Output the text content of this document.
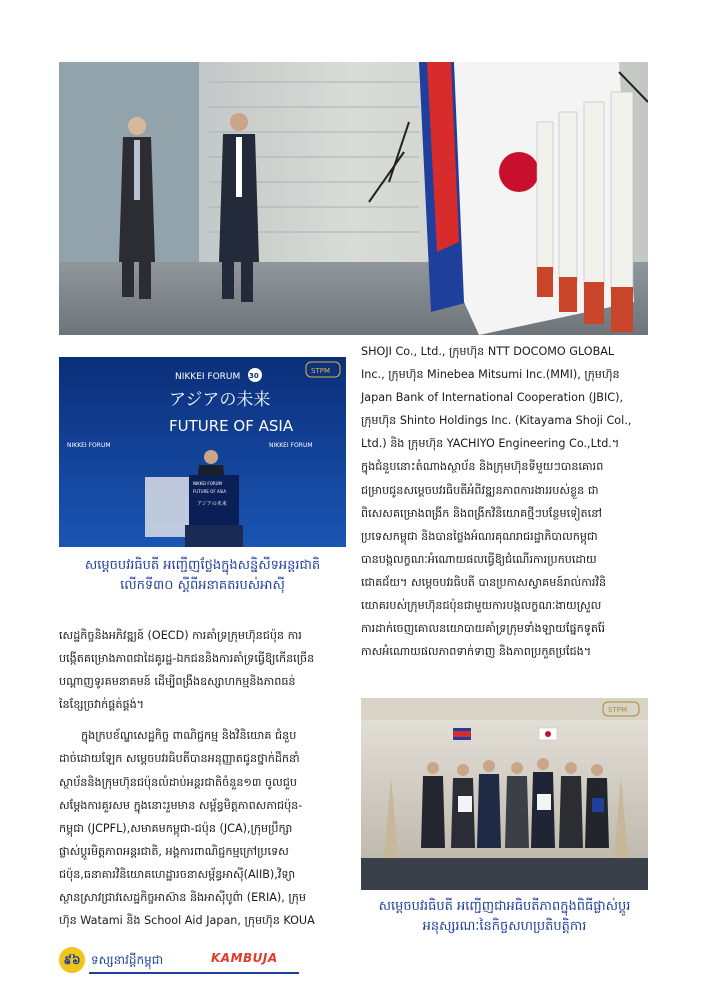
NIKKEI FORUM 30
アジアの未来
FUTURE OF ASIA
STPM
NIKKEI FORUM	NIKKEI FORUM
NIKKEI FORUM
FUTURE OF ASIA
アジアの未来
សម្ដេចបវរធិបតី អញ្ជើញថ្លែងក្នុងសន្និសីទអន្តរជាតិ
លើកទី៣០ ស្ដីពីអនាគតរបស់អាស៊ី

សេដ្ឋកិច្ចនិងអភិវឌ្ឍន៍ (OECD) ការគាំទ្រក្រុមហ៊ុនជប៉ុន ការ
បង្កើតគម្រោងភាពជាដៃគូរដ្ឋ-ឯកជននិងការគាំទ្រធ្វើឱ្យកើនច្រើន
បណ្ដាញទូរគមនាគមន៍ ដើម្បីពង្រឹងឧស្សាហកម្មនិងភាពធន់
នៃខ្សែច្រវាក់ផ្គត់ផ្គង់។

ក្នុងក្របខ័ណ្ឌសេដ្ឋកិច្ច ពាណិជ្ជកម្ម និងវិនិយោគ ជំនួប
ដាច់ដោយឡែក សម្ដេចបវរធិបតីបានអនុញ្ញាតជូនថ្នាក់ដឹកនាំ
ស្ថាប័ននិងក្រុមហ៊ុនជប៉ុនលំដាប់អន្តរជាតិចំនួន១៣ ចូលជួប
សម្ដែងការគួរសម ក្នុងនោះរួមមាន សម្ព័ន្ធមិត្តភាពសភាជប៉ុន-
កម្ពុជា (JCPFL),សមាគមកម្ពុជា-ជប៉ុន (JCA),ក្រុមប្រឹក្សា
ផ្លាស់ប្ដូរមិត្តភាពអន្តរជាតិ, អង្គការពាណិជ្ជកម្មក្រៅប្រទេស
ជប៉ុន,ធនាគារវិនិយោគហេដ្ឋារចនាសម្ព័ន្ធអាស៊ី(AIIB),វិទ្យា
ស្ថានស្រាវជ្រាវសេដ្ឋកិច្ចអាស៊ាន និងអាស៊ីបូព៌ា (ERIA), ក្រុម
ហ៊ុន Watami និង School Aid Japan, ក្រុមហ៊ុន KOUA

SHOJI Co., Ltd., ក្រុមហ៊ុន NTT DOCOMO GLOBAL
Inc., ក្រុមហ៊ុន Minebea Mitsumi Inc.(MMI), ក្រុមហ៊ុន
Japan Bank of International Cooperation (JBIC),
ក្រុមហ៊ុន Shinto Holdings Inc. (Kitayama Shoji Col.,
Ltd.) និង ក្រុមហ៊ុន YACHIYO Engineering Co.,Ltd.។
ក្នុងជំនួបនោះតំណាងស្ថាប័ន និងក្រុមហ៊ុនទីមួយៗបានគោរព
ជម្រាបជូនសម្ដេចបវរធិបតីអំពីវឌ្ឍនភាពការងាររបស់ខ្លួន ជា
ពិសេសគម្រោងពង្រីក និងពង្រីកវិនិយោគថ្មីៗបន្ថែមទៀតនៅ
ប្រទេសកម្ពុជា និងបានថ្លៃងអំណរគុណរាជរដ្ឋាភិបាលកម្ពុជា
បានបង្កលក្ខណៈអំណោយផលធ្វើឱ្យជំណើរការប្រកបដោយ
ជោគជ័យ។ សម្ដេចបវរធិបតី បានប្រកាសស្វាគមន៍រាល់ការវិនិ
យោគរបស់ក្រុមហ៊ុនជប៉ុនជាមួយការបង្កលក្ខណៈងាយស្រួល
ការដាក់ចេញគោលនយោបាយគាំទ្រក្រុមទាំងឡាយផ្នែកទូតរ៉ែ
កាសអំណោយផលភាពទាក់ទាញ និងភាពប្រកួតប្រជែង។

STPM
សម្ដេចបវរធិបតី អញ្ជើញជាអធិបតីភាពក្នុងពិធីផ្លាស់ប្ដូរ
អនុស្សរណៈនៃកិច្ចសហប្រតិបត្តិការ
៩៦ ទស្សនាវដ្ដីកម្ពុជា	KAMBUJA
